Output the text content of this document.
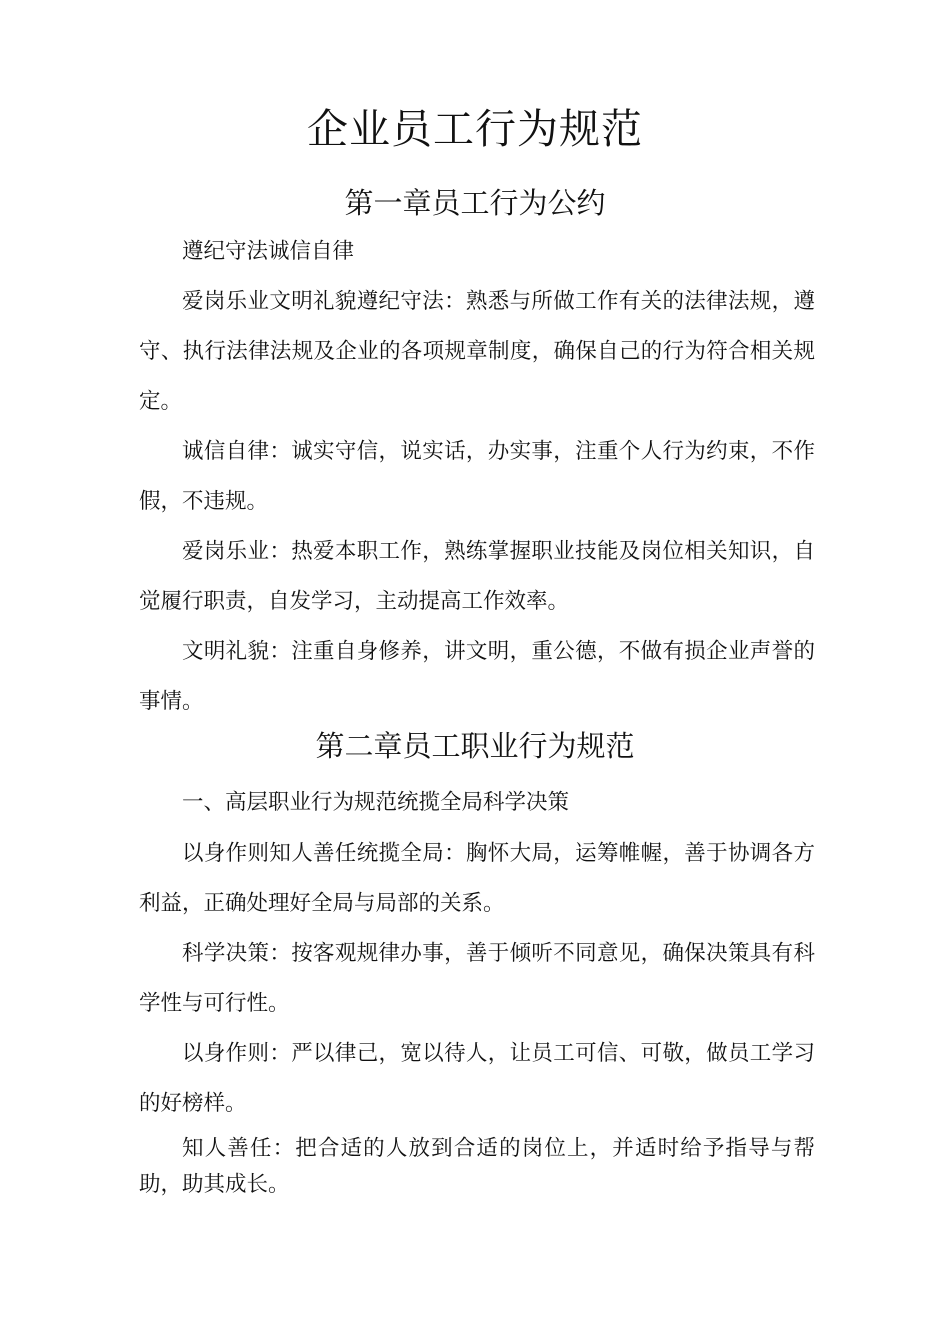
企业员工行为规范
第一章员工行为公约

遵纪守法诚信自律

爱岗乐业文明礼貌遵纪守法：熟悉与所做工作有关的法律法规，遵守、执行法律法规及企业的各项规章制度，确保自己的行为符合相关规定。

诚信自律：诚实守信，说实话，办实事，注重个人行为约束，不作假，不违规。

爱岗乐业：热爱本职工作，熟练掌握职业技能及岗位相关知识，自觉履行职责，自发学习，主动提高工作效率。

文明礼貌：注重自身修养，讲文明，重公德，不做有损企业声誉的事情。

第二章员工职业行为规范

一、高层职业行为规范统揽全局科学决策

以身作则知人善任统揽全局：胸怀大局，运筹帷幄，善于协调各方利益，正确处理好全局与局部的关系。

科学决策：按客观规律办事，善于倾听不同意见，确保决策具有科学性与可行性。

以身作则：严以律己，宽以待人，让员工可信、可敬，做员工学习的好榜样。

知人善任：把合适的人放到合适的岗位上，并适时给予指导与帮助，助其成长。
